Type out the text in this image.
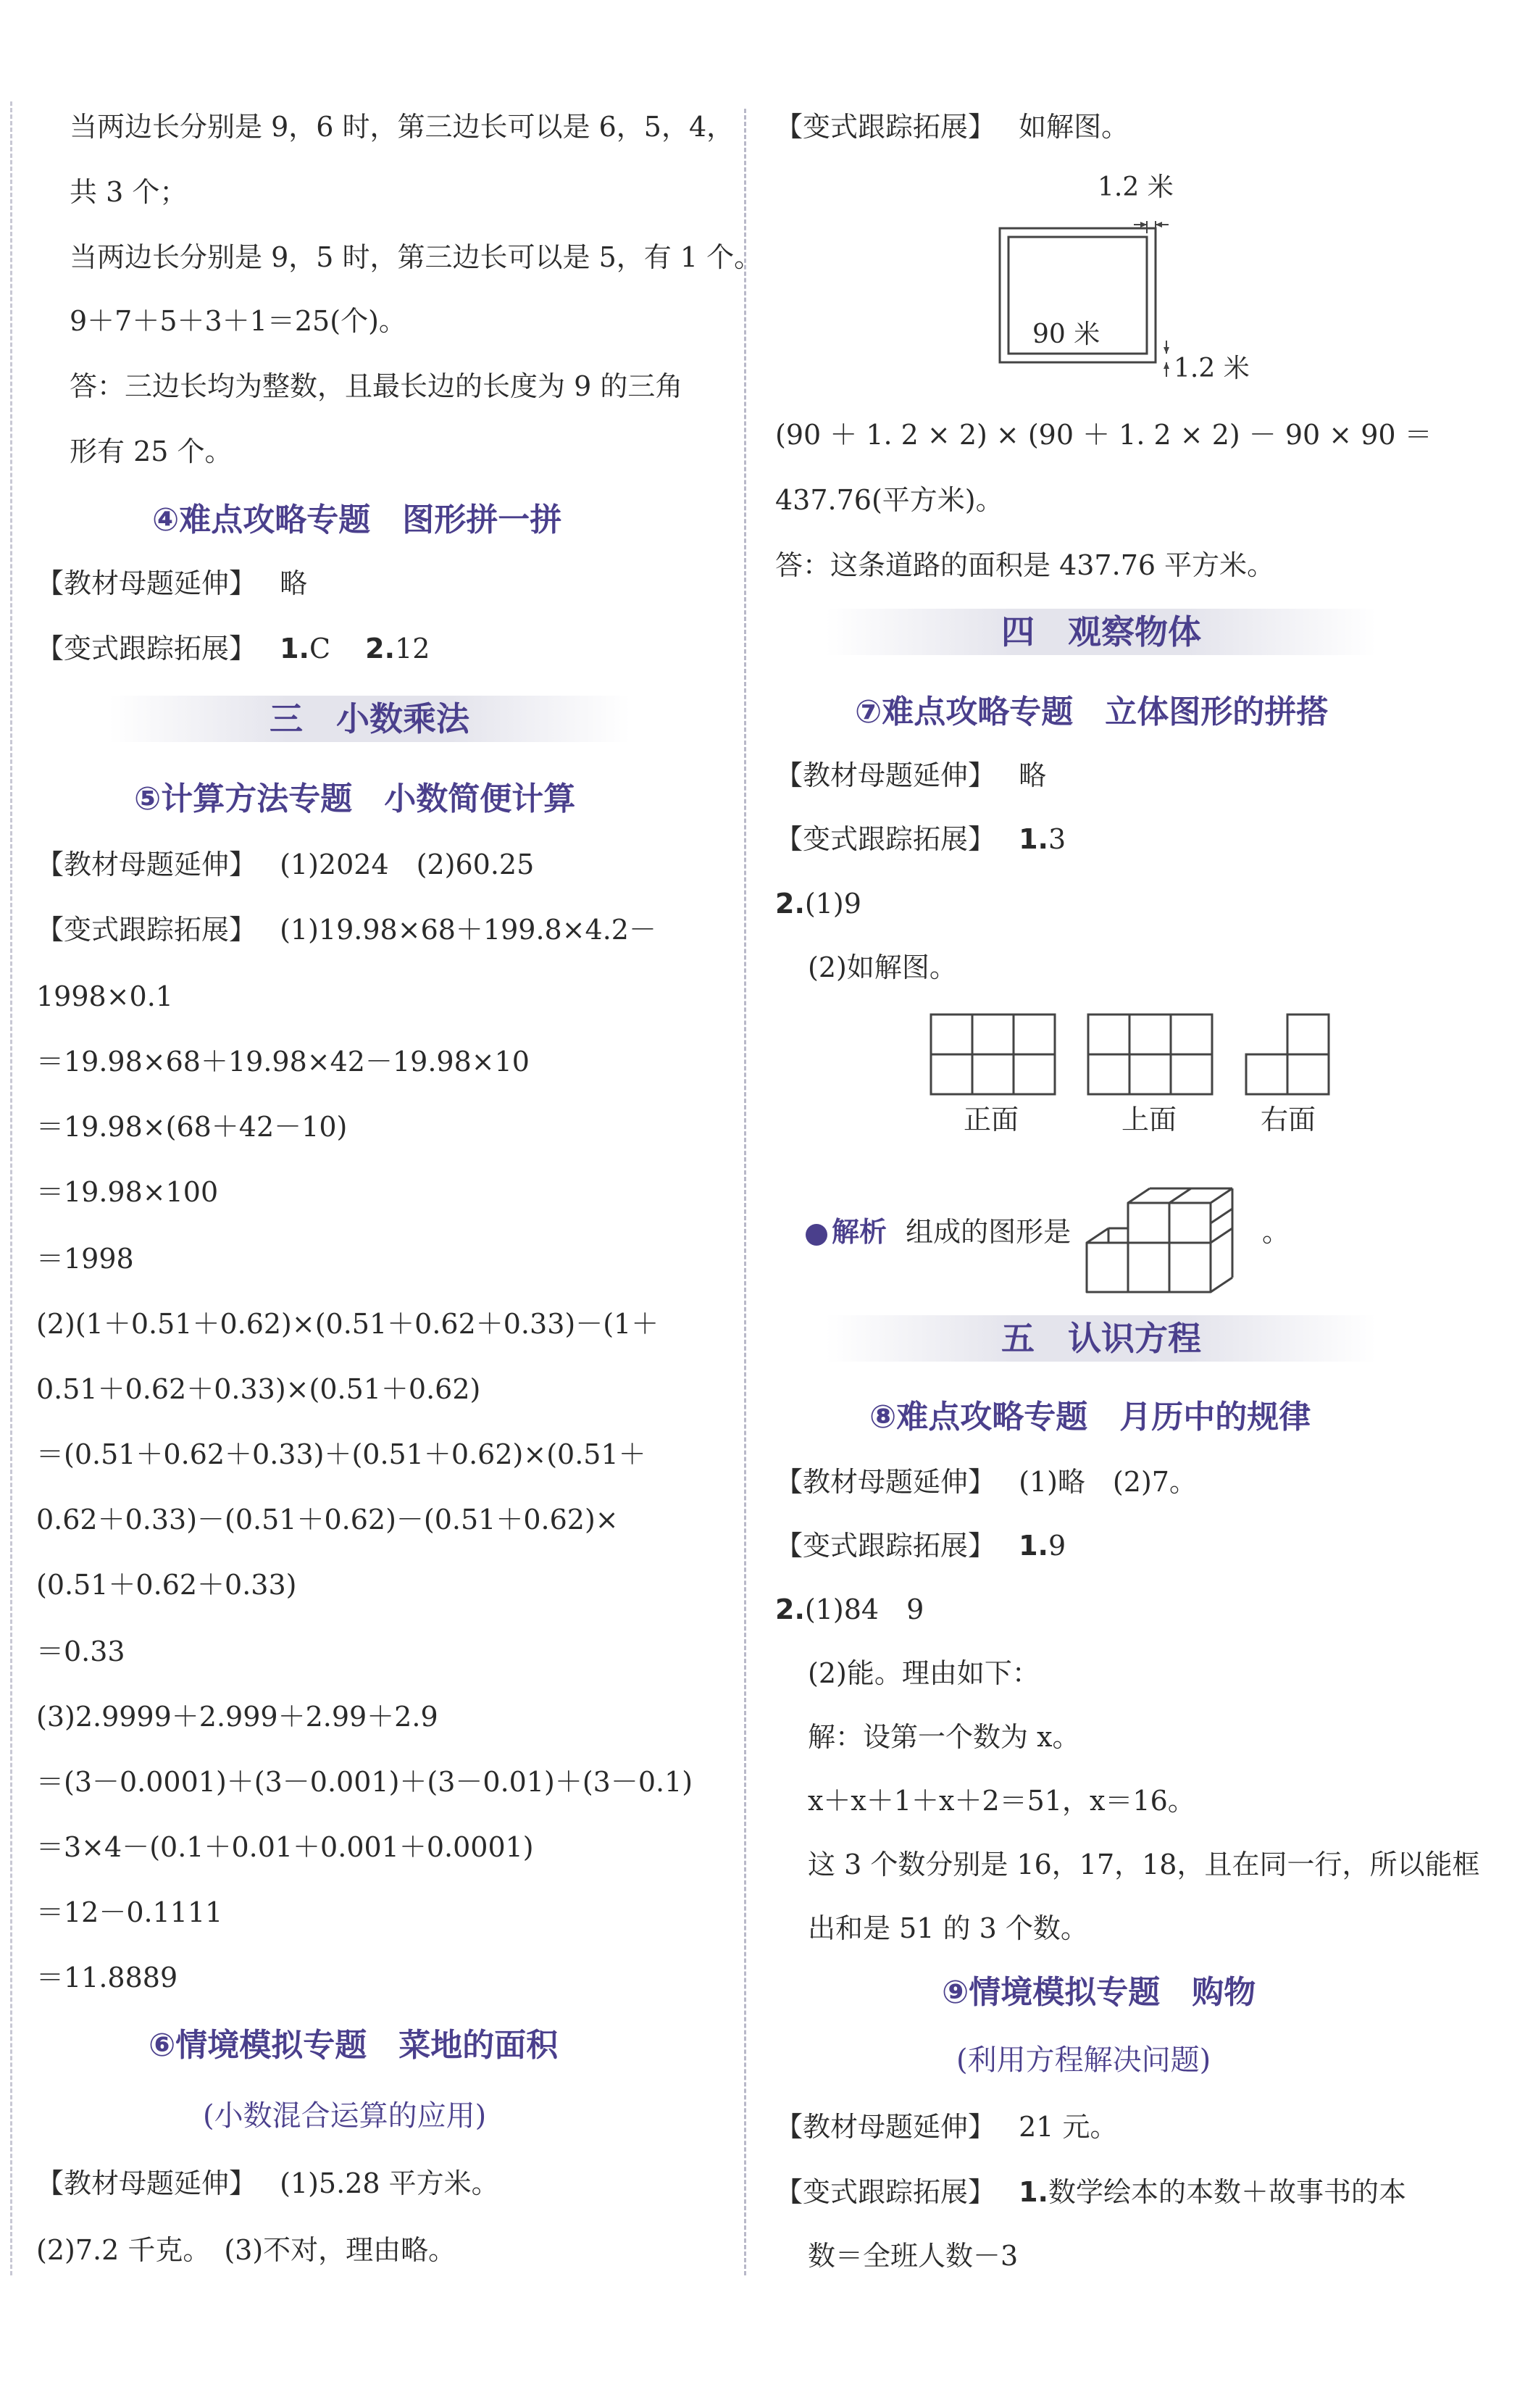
当两边长分别是 9，6 时，第三边长可以是 6，5，4，
共 3 个；
当两边长分别是 9，5 时，第三边长可以是 5，有 1 个。
9＋7＋5＋3＋1＝25(个)。
答：三边长均为整数，且最长边的长度为 9 的三角
形有 25 个。
④难点攻略专题　图形拼一拼
【教材母题延伸】 略
【变式跟踪拓展】 1.C 2.12
三　小数乘法
⑤计算方法专题　小数简便计算
【教材母题延伸】 (1)2024　(2)60.25
【变式跟踪拓展】 (1)19.98×68＋199.8×4.2－
1998×0.1
＝19.98×68＋19.98×42－19.98×10
＝19.98×(68＋42－10)
＝19.98×100
＝1998
(2)(1＋0.51＋0.62)×(0.51＋0.62＋0.33)－(1＋
0.51＋0.62＋0.33)×(0.51＋0.62)
＝(0.51＋0.62＋0.33)＋(0.51＋0.62)×(0.51＋
0.62＋0.33)－(0.51＋0.62)－(0.51＋0.62)×
(0.51＋0.62＋0.33)
＝0.33
(3)2.9999＋2.999＋2.99＋2.9
＝(3－0.0001)＋(3－0.001)＋(3－0.01)＋(3－0.1)
＝3×4－(0.1＋0.01＋0.001＋0.0001)
＝12－0.1111
＝11.8889
⑥情境模拟专题　菜地的面积
(小数混合运算的应用)
【教材母题延伸】 (1)5.28 平方米。
(2)7.2 千克。　(3)不对，理由略。
【变式跟踪拓展】 如解图。
1.2 米
90 米
1.2 米
(90 ＋ 1. 2 × 2) × (90 ＋ 1. 2 × 2) － 90 × 90 ＝
437.76(平方米)。
答：这条道路的面积是 437.76 平方米。
四　观察物体
⑦难点攻略专题　立体图形的拼搭
【教材母题延伸】 略
【变式跟踪拓展】 1.3
2.(1)9
(2)如解图。
正面	上面	右面
解析 组成的图形是	。
五　认识方程
⑧难点攻略专题　月历中的规律
【教材母题延伸】 (1)略　(2)7。
【变式跟踪拓展】 1.9
2.(1)84　9
(2)能。理由如下：
解：设第一个数为 x。
x＋x＋1＋x＋2＝51，x＝16。
这 3 个数分别是 16，17，18，且在同一行，所以能框
出和是 51 的 3 个数。
⑨情境模拟专题　购物
(利用方程解决问题)
【教材母题延伸】 21 元。
【变式跟踪拓展】 1.数学绘本的本数＋故事书的本
数＝全班人数－3
